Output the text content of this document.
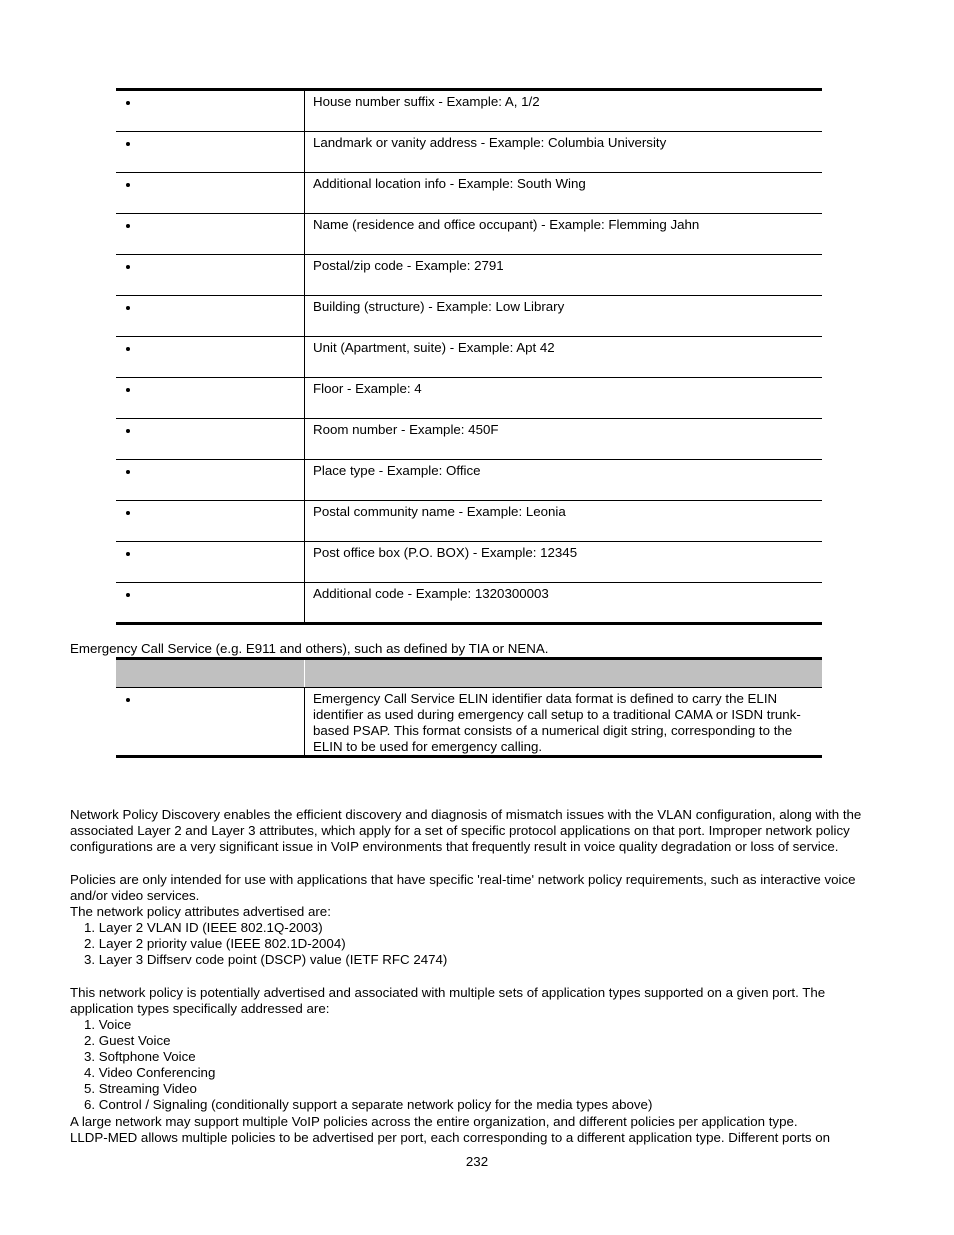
	House number suffix - Example: A, 1/2

	Landmark or vanity address - Example: Columbia University

	Additional location info - Example: South Wing

	Name (residence and office occupant) - Example: Flemming Jahn

	Postal/zip code - Example: 2791

	Building (structure) - Example: Low Library

	Unit (Apartment, suite) - Example: Apt 42

	Floor - Example: 4

	Room number - Example: 450F

	Place type - Example: Office

	Postal community name - Example: Leonia

	Post office box (P.O. BOX) - Example: 12345

	Additional code - Example: 1320300003

Emergency Call Service (e.g. E911 and others), such as defined by TIA or NENA.

	Emergency Call Service ELIN identifier data format is defined to carry the ELIN identifier as used during emergency call setup to a traditional CAMA or ISDN trunk-based PSAP. This format consists of a numerical digit string, corresponding to the ELIN to be used for emergency calling.

Network Policy Discovery enables the efficient discovery and diagnosis of mismatch issues with the VLAN configuration, along with the associated Layer 2 and Layer 3 attributes, which apply for a set of specific protocol applications on that port. Improper network policy configurations are a very significant issue in VoIP environments that frequently result in voice quality degradation or loss of service.

Policies are only intended for use with applications that have specific 'real-time' network policy requirements, such as interactive voice and/or video services.

The network policy attributes advertised are:

1. Layer 2 VLAN ID (IEEE 802.1Q-2003)
2. Layer 2 priority value (IEEE 802.1D-2004)
3. Layer 3 Diffserv code point (DSCP) value (IETF RFC 2474)

This network policy is potentially advertised and associated with multiple sets of application types supported on a given port. The application types specifically addressed are:

1. Voice
2. Guest Voice
3. Softphone Voice
4. Video Conferencing
5. Streaming Video
6. Control / Signaling (conditionally support a separate network policy for the media types above)

A large network may support multiple VoIP policies across the entire organization, and different policies per application type.

LLDP-MED allows multiple policies to be advertised per port, each corresponding to a different application type. Different ports on

232
